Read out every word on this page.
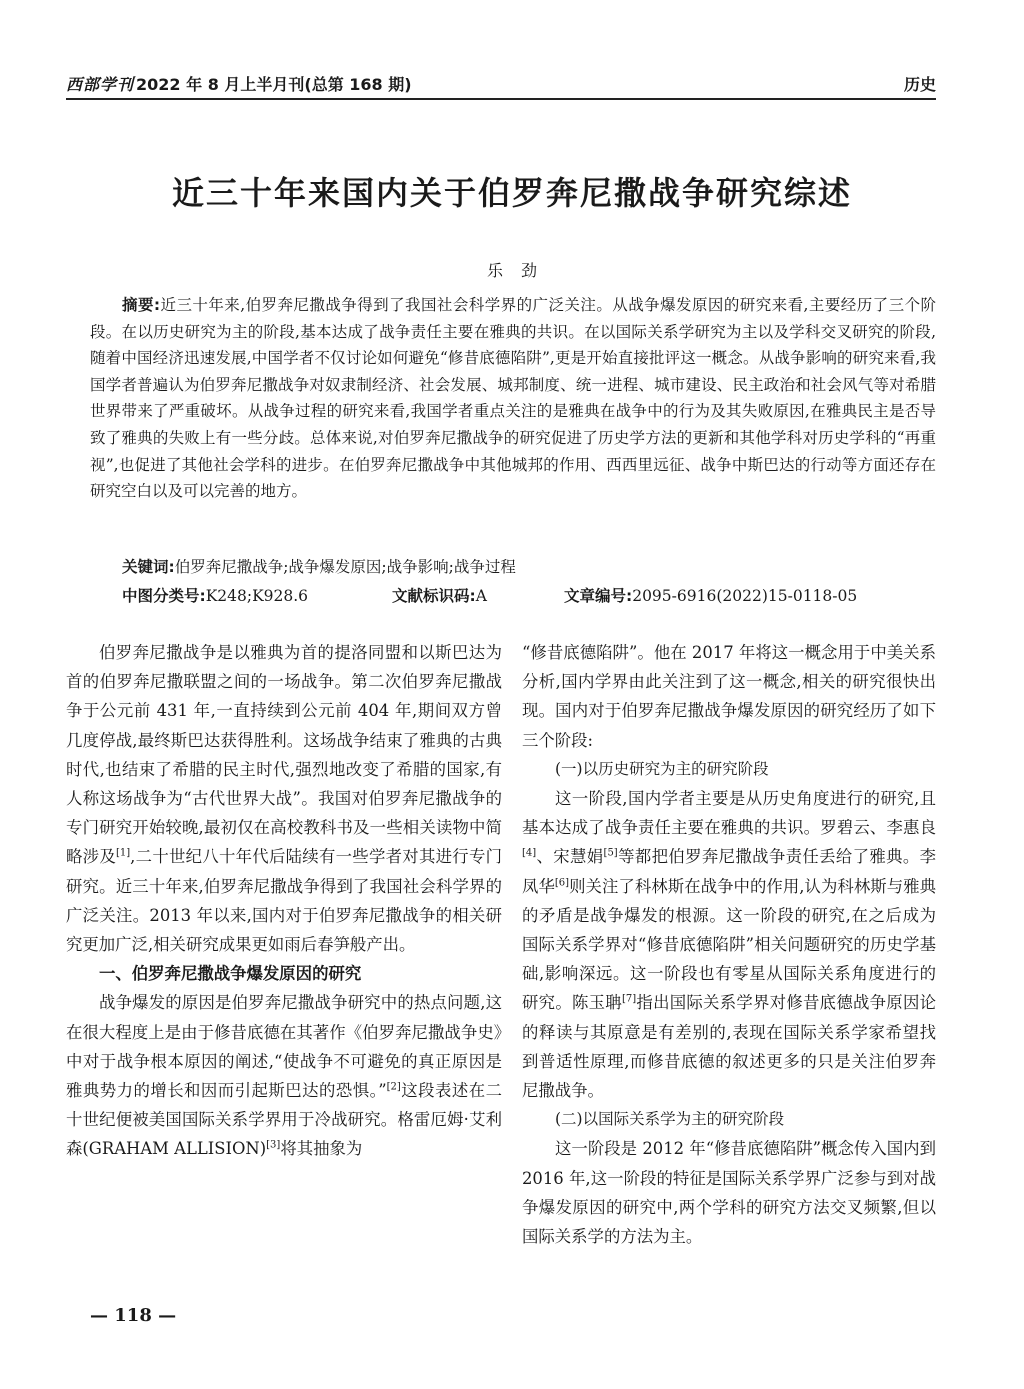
西部学刊 2022 年 8 月上半月刊(总第 168 期)	历史
近三十年来国内关于伯罗奔尼撒战争研究综述
乐劲
摘要:近三十年来,伯罗奔尼撒战争得到了我国社会科学界的广泛关注。从战争爆发原因的研究来看,主要经历了三个阶段。在以历史研究为主的阶段,基本达成了战争责任主要在雅典的共识。在以国际关系学研究为主以及学科交叉研究的阶段,随着中国经济迅速发展,中国学者不仅讨论如何避免“修昔底德陷阱”,更是开始直接批评这一概念。从战争影响的研究来看,我国学者普遍认为伯罗奔尼撒战争对奴隶制经济、社会发展、城邦制度、统一进程、城市建设、民主政治和社会风气等对希腊世界带来了严重破坏。从战争过程的研究来看,我国学者重点关注的是雅典在战争中的行为及其失败原因,在雅典民主是否导致了雅典的失败上有一些分歧。总体来说,对伯罗奔尼撒战争的研究促进了历史学方法的更新和其他学科对历史学科的“再重视”,也促进了其他社会学科的进步。在伯罗奔尼撒战争中其他城邦的作用、西西里远征、战争中斯巴达的行动等方面还存在研究空白以及可以完善的地方。
关键词:伯罗奔尼撒战争;战争爆发原因;战争影响;战争过程
中图分类号:K248;K928.6	文献标识码:A	文章编号:2095-6916(2022)15-0118-05

伯罗奔尼撒战争是以雅典为首的提洛同盟和以斯巴达为首的伯罗奔尼撒联盟之间的一场战争。第二次伯罗奔尼撒战争于公元前 431 年,一直持续到公元前 404 年,期间双方曾几度停战,最终斯巴达获得胜利。这场战争结束了雅典的古典时代,也结束了希腊的民主时代,强烈地改变了希腊的国家,有人称这场战争为“古代世界大战”。我国对伯罗奔尼撒战争的专门研究开始较晚,最初仅在高校教科书及一些相关读物中简略涉及[1],二十世纪八十年代后陆续有一些学者对其进行专门研究。近三十年来,伯罗奔尼撒战争得到了我国社会科学界的广泛关注。2013 年以来,国内对于伯罗奔尼撒战争的相关研究更加广泛,相关研究成果更如雨后春笋般产出。

一、伯罗奔尼撒战争爆发原因的研究

战争爆发的原因是伯罗奔尼撒战争研究中的热点问题,这在很大程度上是由于修昔底德在其著作《伯罗奔尼撒战争史》中对于战争根本原因的阐述,“使战争不可避免的真正原因是雅典势力的增长和因而引起斯巴达的恐惧。”[2]这段表述在二十世纪便被美国国际关系学界用于冷战研究。格雷厄姆·艾利森(GRAHAM ALLISION)[3]将其抽象为

“修昔底德陷阱”。他在 2017 年将这一概念用于中美关系分析,国内学界由此关注到了这一概念,相关的研究很快出现。国内对于伯罗奔尼撒战争爆发原因的研究经历了如下三个阶段:

(一)以历史研究为主的研究阶段

这一阶段,国内学者主要是从历史角度进行的研究,且基本达成了战争责任主要在雅典的共识。罗碧云、李惠良[4]、宋慧娟[5]等都把伯罗奔尼撒战争责任丢给了雅典。李凤华[6]则关注了科林斯在战争中的作用,认为科林斯与雅典的矛盾是战争爆发的根源。这一阶段的研究,在之后成为国际关系学界对“修昔底德陷阱”相关问题研究的历史学基础,影响深远。这一阶段也有零星从国际关系角度进行的研究。陈玉聃[7]指出国际关系学界对修昔底德战争原因论的释读与其原意是有差别的,表现在国际关系学家希望找到普适性原理,而修昔底德的叙述更多的只是关注伯罗奔尼撒战争。

(二)以国际关系学为主的研究阶段

这一阶段是 2012 年“修昔底德陷阱”概念传入国内到 2016 年,这一阶段的特征是国际关系学界广泛参与到对战争爆发原因的研究中,两个学科的研究方法交叉频繁,但以国际关系学的方法为主。

— 118 —
